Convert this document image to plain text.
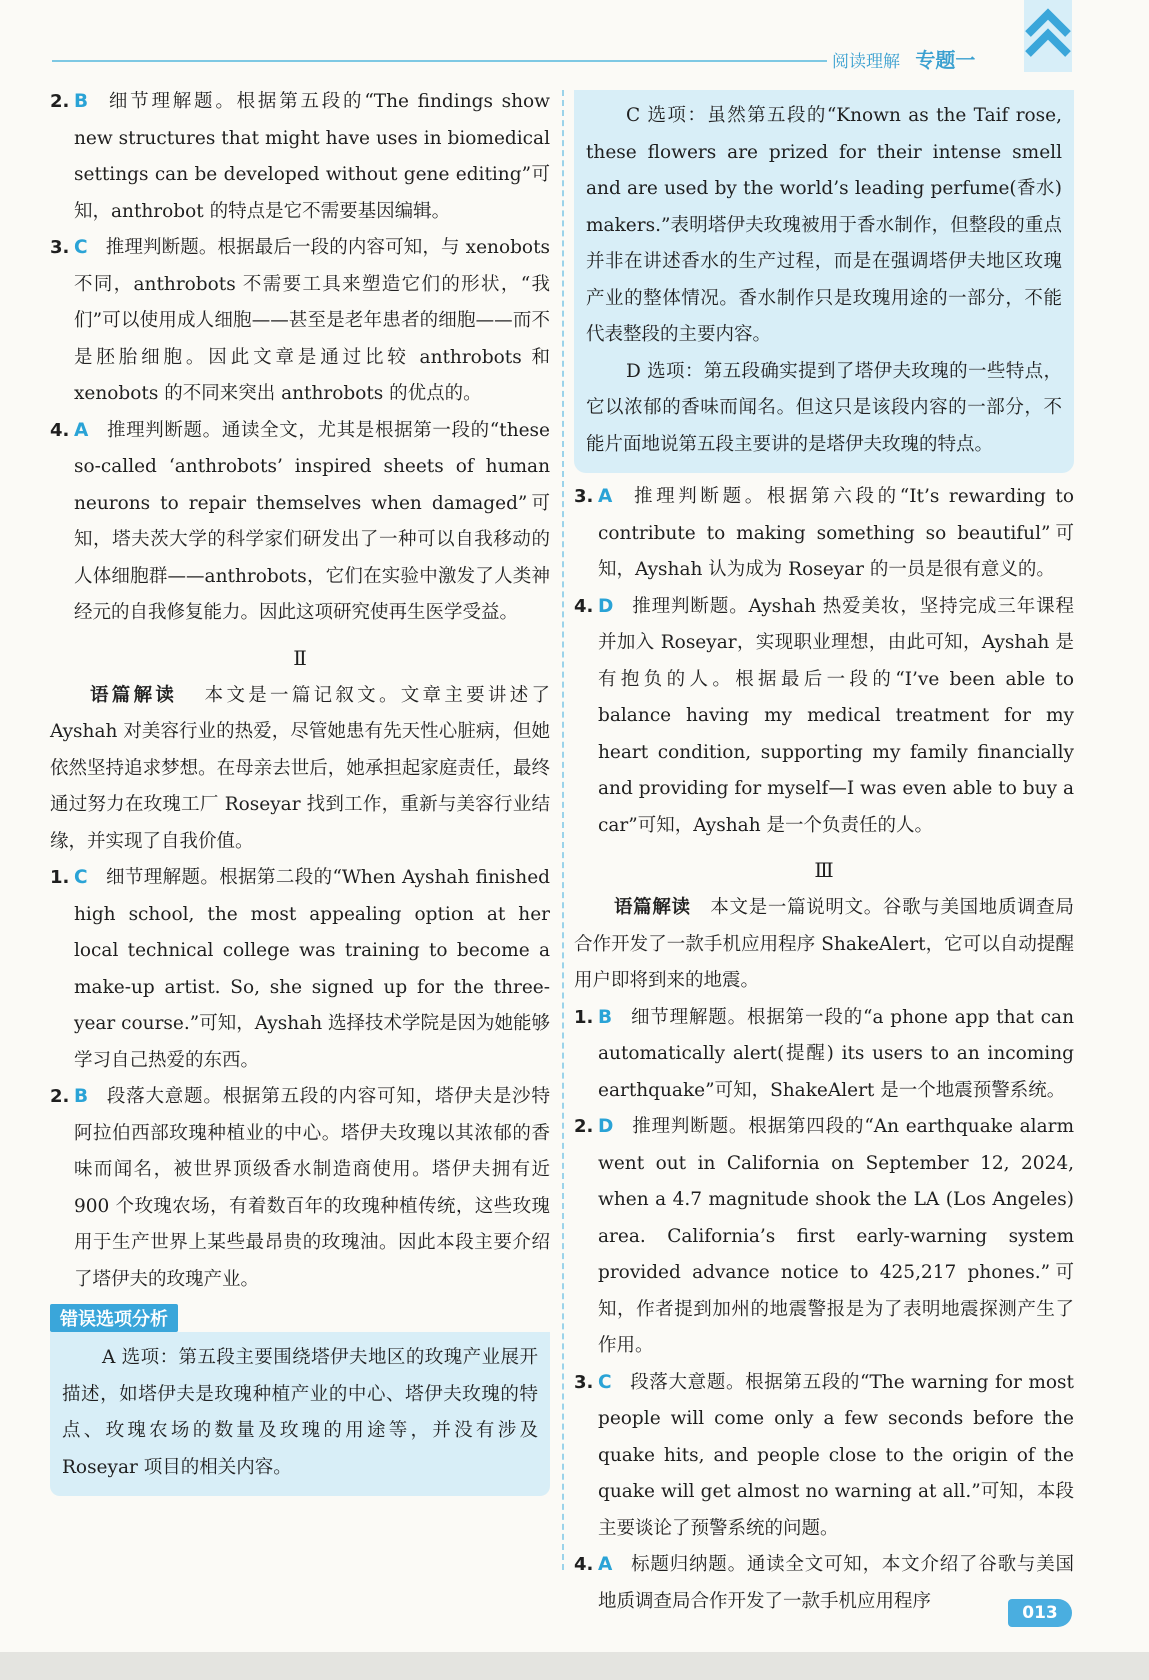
阅读理解 专题一

2. B 细节理解题。根据第五段的“The findings show new structures that might have uses in biomedical settings can be developed without gene editing”可知，anthrobot 的特点是它不需要基因编辑。

3. C 推理判断题。根据最后一段的内容可知，与 xenobots 不同，anthrobots 不需要工具来塑造它们的形状，“我们”可以使用成人细胞——甚至是老年患者的细胞——而不是胚胎细胞。因此文章是通过比较 anthrobots 和 xenobots 的不同来突出 anthrobots 的优点的。

4. A 推理判断题。通读全文，尤其是根据第一段的“these so-called ‘anthrobots’ inspired sheets of human neurons to repair themselves when damaged”可知，塔夫茨大学的科学家们研发出了一种可以自我移动的人体细胞群——anthrobots，它们在实验中激发了人类神经元的自我修复能力。因此这项研究使再生医学受益。

Ⅱ

语篇解读 本文是一篇记叙文。文章主要讲述了 Ayshah 对美容行业的热爱，尽管她患有先天性心脏病，但她依然坚持追求梦想。在母亲去世后，她承担起家庭责任，最终通过努力在玫瑰工厂 Roseyar 找到工作，重新与美容行业结缘，并实现了自我价值。

1. C 细节理解题。根据第二段的“When Ayshah finished high school, the most appealing option at her local technical college was training to become a make-up artist. So, she signed up for the three-year course.”可知，Ayshah 选择技术学院是因为她能够学习自己热爱的东西。

2. B 段落大意题。根据第五段的内容可知，塔伊夫是沙特阿拉伯西部玫瑰种植业的中心。塔伊夫玫瑰以其浓郁的香味而闻名，被世界顶级香水制造商使用。塔伊夫拥有近 900 个玫瑰农场，有着数百年的玫瑰种植传统，这些玫瑰用于生产世界上某些最昂贵的玫瑰油。因此本段主要介绍了塔伊夫的玫瑰产业。

错误选项分析

A 选项：第五段主要围绕塔伊夫地区的玫瑰产业展开描述，如塔伊夫是玫瑰种植产业的中心、塔伊夫玫瑰的特点、玫瑰农场的数量及玫瑰的用途等，并没有涉及 Roseyar 项目的相关内容。

C 选项：虽然第五段的“Known as the Taif rose, these flowers are prized for their intense smell and are used by the world’s leading perfume(香水) makers.”表明塔伊夫玫瑰被用于香水制作，但整段的重点并非在讲述香水的生产过程，而是在强调塔伊夫地区玫瑰产业的整体情况。香水制作只是玫瑰用途的一部分，不能代表整段的主要内容。

D 选项：第五段确实提到了塔伊夫玫瑰的一些特点，它以浓郁的香味而闻名。但这只是该段内容的一部分，不能片面地说第五段主要讲的是塔伊夫玫瑰的特点。

3. A 推理判断题。根据第六段的“It’s rewarding to contribute to making something so beautiful”可知，Ayshah 认为成为 Roseyar 的一员是很有意义的。

4. D 推理判断题。Ayshah 热爱美妆，坚持完成三年课程并加入 Roseyar，实现职业理想，由此可知，Ayshah 是有抱负的人。根据最后一段的“I’ve been able to balance having my medical treatment for my heart condition, supporting my family financially and providing for myself—I was even able to buy a car”可知，Ayshah 是一个负责任的人。

Ⅲ

语篇解读 本文是一篇说明文。谷歌与美国地质调查局合作开发了一款手机应用程序 ShakeAlert，它可以自动提醒用户即将到来的地震。

1. B 细节理解题。根据第一段的“a phone app that can automatically alert(提醒) its users to an incoming earthquake”可知，ShakeAlert 是一个地震预警系统。

2. D 推理判断题。根据第四段的“An earthquake alarm went out in California on September 12, 2024, when a 4.7 magnitude shook the LA (Los Angeles) area. California’s first early-warning system provided advance notice to 425,217 phones.”可知，作者提到加州的地震警报是为了表明地震探测产生了作用。

3. C 段落大意题。根据第五段的“The warning for most people will come only a few seconds before the quake hits, and people close to the origin of the quake will get almost no warning at all.”可知，本段主要谈论了预警系统的问题。

4. A 标题归纳题。通读全文可知，本文介绍了谷歌与美国地质调查局合作开发了一款手机应用程序

013
